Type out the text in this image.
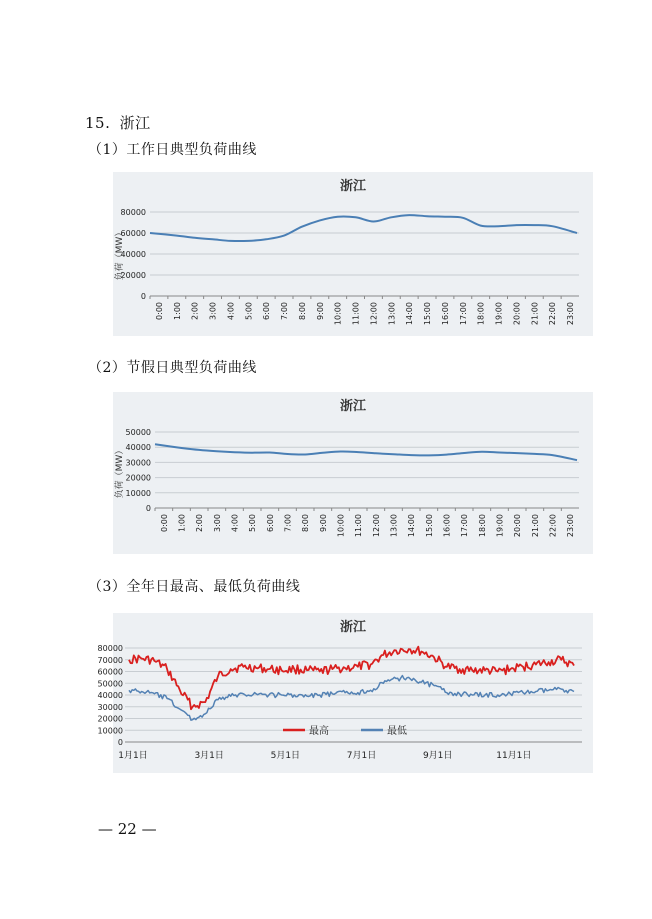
15. 浙江
（1）工作日典型负荷曲线
浙江
0
20000
40000
60000
80000
0:00 1:00 2:00 3:00 4:00 5:00 6:00 7:00 8:00 9:00 10:00 11:00 12:00 13:00 14:00 15:00 16:00 17:00 18:00 19:00 20:00 21:00 22:00 23:00
负荷（MW）
（2）节假日典型负荷曲线
浙江
0
10000
20000
30000
40000
50000
0:00 1:00 2:00 3:00 4:00 5:00 6:00 7:00 8:00 9:00 10:00 11:00 12:00 13:00 14:00 15:00 16:00 17:00 18:00 19:00 20:00 21:00 22:00 23:00
负荷（MW）
（3）全年日最高、最低负荷曲线
浙江
0
10000
20000
30000
40000
50000
60000
70000
80000
1月1日	3月1日	5月1日	7月1日	9月1日	11月1日
最高	最低
— 22 —
